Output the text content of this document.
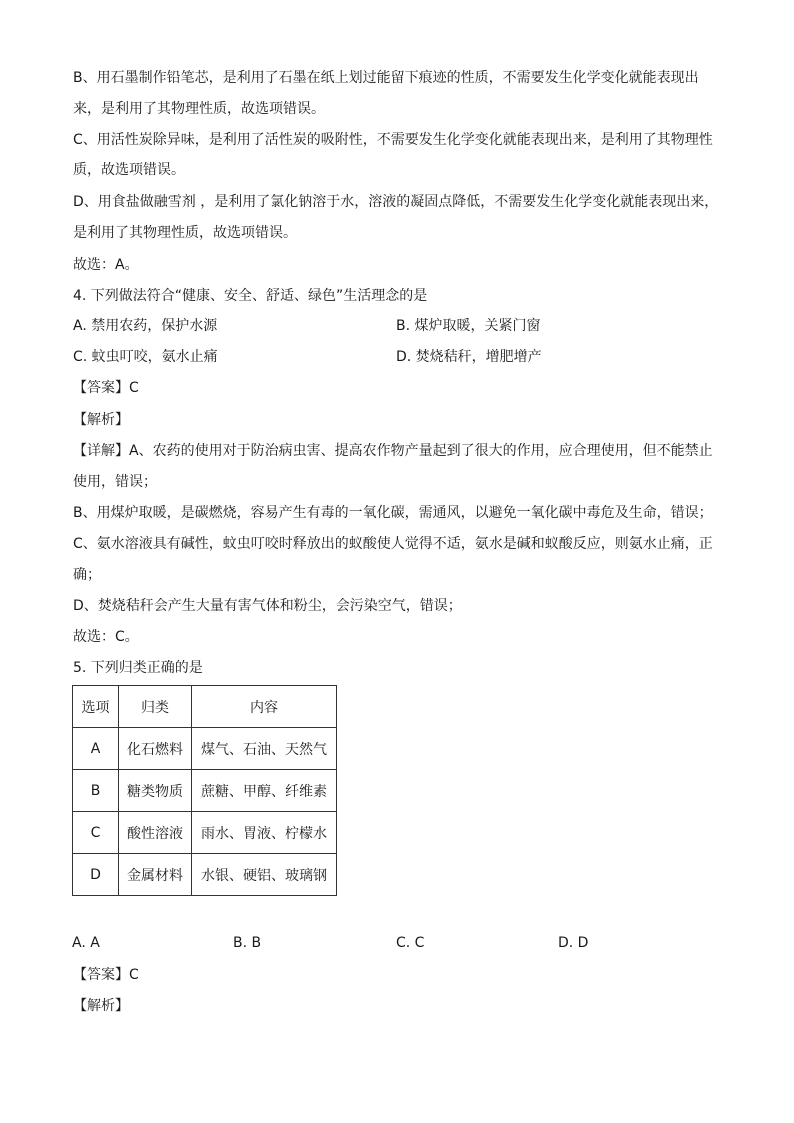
B、用石墨制作铅笔芯，是利用了石墨在纸上划过能留下痕迹的性质，不需要发生化学变化就能表现出
来，是利用了其物理性质，故选项错误。
C、用活性炭除异味，是利用了活性炭的吸附性，不需要发生化学变化就能表现出来，是利用了其物理性
质，故选项错误。
D、用食盐做融雪剂 ，是利用了氯化钠溶于水，溶液的凝固点降低，不需要发生化学变化就能表现出来，
是利用了其物理性质，故选项错误。
故选：A。
4. 下列做法符合“健康、安全、舒适、绿色”生活理念的是
A. 禁用农药，保护水源	B. 煤炉取暖，关紧门窗
C. 蚊虫叮咬，氨水止痛	D. 焚烧秸秆，增肥增产
【答案】C
【解析】
【详解】A、农药的使用对于防治病虫害、提高农作物产量起到了很大的作用，应合理使用，但不能禁止
使用，错误；
B、用煤炉取暖，是碳燃烧，容易产生有毒的一氧化碳，需通风，以避免一氧化碳中毒危及生命，错误；
C、氨水溶液具有碱性，蚊虫叮咬时释放出的蚁酸使人觉得不适，氨水是碱和蚁酸反应，则氨水止痛，正
确；
D、焚烧秸秆会产生大量有害气体和粉尘，会污染空气，错误；
故选：C。
5. 下列归类正确的是
选项	归类	内容
A	化石燃料	煤气、石油、天然气
B	糖类物质	蔗糖、甲醇、纤维素
C	酸性溶液	雨水、胃液、柠檬水
D	金属材料	水银、硬铝、玻璃钢
A. A	B. B	C. C	D. D
【答案】C
【解析】
